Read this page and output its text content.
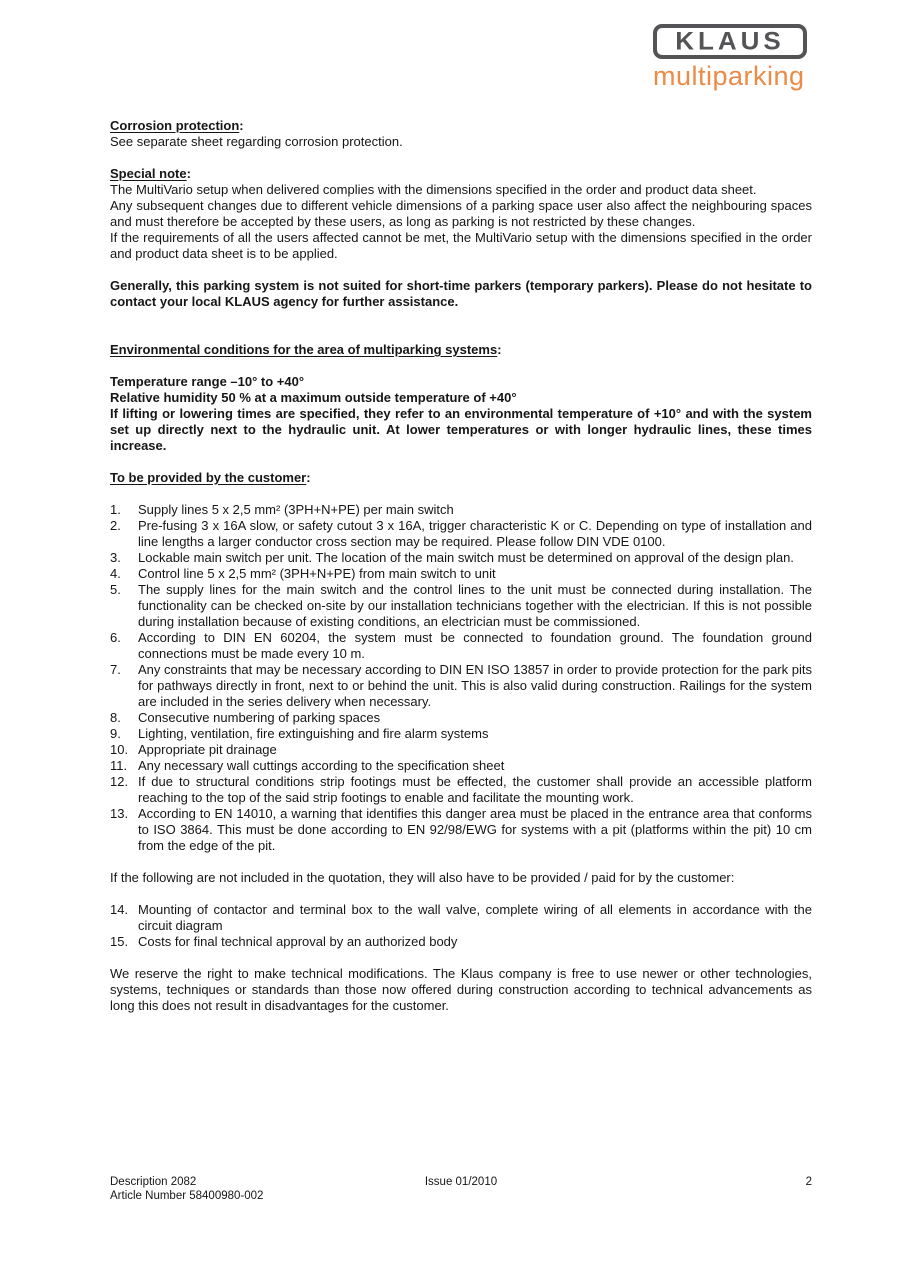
KLAUS
multiparking

Corrosion protection:

See separate sheet regarding corrosion protection.

Special note:

The MultiVario setup when delivered complies with the dimensions specified in the order and product data sheet.

Any subsequent changes due to different vehicle dimensions of a parking space user also affect the neighbouring spaces and must therefore be accepted by these users, as long as parking is not restricted by these changes.

If the requirements of all the users affected cannot be met, the MultiVario setup with the dimensions specified in the order and product data sheet is to be applied.

Generally, this parking system is not suited for short-time parkers (temporary parkers). Please do not hesitate to contact your local KLAUS agency for further assistance.

Environmental conditions for the area of multiparking systems:

Temperature range –10° to +40°

Relative humidity 50 % at a maximum outside temperature of +40°

If lifting or lowering times are specified, they refer to an environmental temperature of +10° and with the system set up directly next to the hydraulic unit. At lower temperatures or with longer hydraulic lines, these times increase.

To be provided by the customer:

Supply lines 5 x 2,5 mm² (3PH+N+PE) per main switch
Pre-fusing 3 x 16A slow, or safety cutout 3 x 16A, trigger characteristic K or C. Depending on type of installation and line lengths a larger conductor cross section may be required. Please follow DIN VDE 0100.
Lockable main switch per unit. The location of the main switch must be determined on approval of the design plan.
Control line 5 x 2,5 mm² (3PH+N+PE) from main switch to unit
The supply lines for the main switch and the control lines to the unit must be connected during installation. The functionality can be checked on-site by our installation technicians together with the electrician. If this is not possible during installation because of existing conditions, an electrician must be commissioned.
According to DIN EN 60204, the system must be connected to foundation ground. The foundation ground connections must be made every 10 m.
Any constraints that may be necessary according to DIN EN ISO 13857 in order to provide protection for the park pits for pathways directly in front, next to or behind the unit. This is also valid during construction. Railings for the system are included in the series delivery when necessary.
Consecutive numbering of parking spaces
Lighting, ventilation, fire extinguishing and fire alarm systems
Appropriate pit drainage
Any necessary wall cuttings according to the specification sheet
If due to structural conditions strip footings must be effected, the customer shall provide an accessible platform reaching to the top of the said strip footings to enable and facilitate the mounting work.
According to EN 14010, a warning that identifies this danger area must be placed in the entrance area that conforms to ISO 3864. This must be done according to EN 92/98/EWG for systems with a pit (platforms within the pit) 10 cm from the edge of the pit.

If the following are not included in the quotation, they will also have to be provided / paid for by the customer:

Mounting of contactor and terminal box to the wall valve, complete wiring of all elements in accordance with the circuit diagram
Costs for final technical approval by an authorized body

We reserve the right to make technical modifications. The Klaus company is free to use newer or other technologies, systems, techniques or standards than those now offered during construction according to technical advancements as long this does not result in disadvantages for the customer.

Description 2082
Article Number 58400980-002
Issue 01/2010	2
